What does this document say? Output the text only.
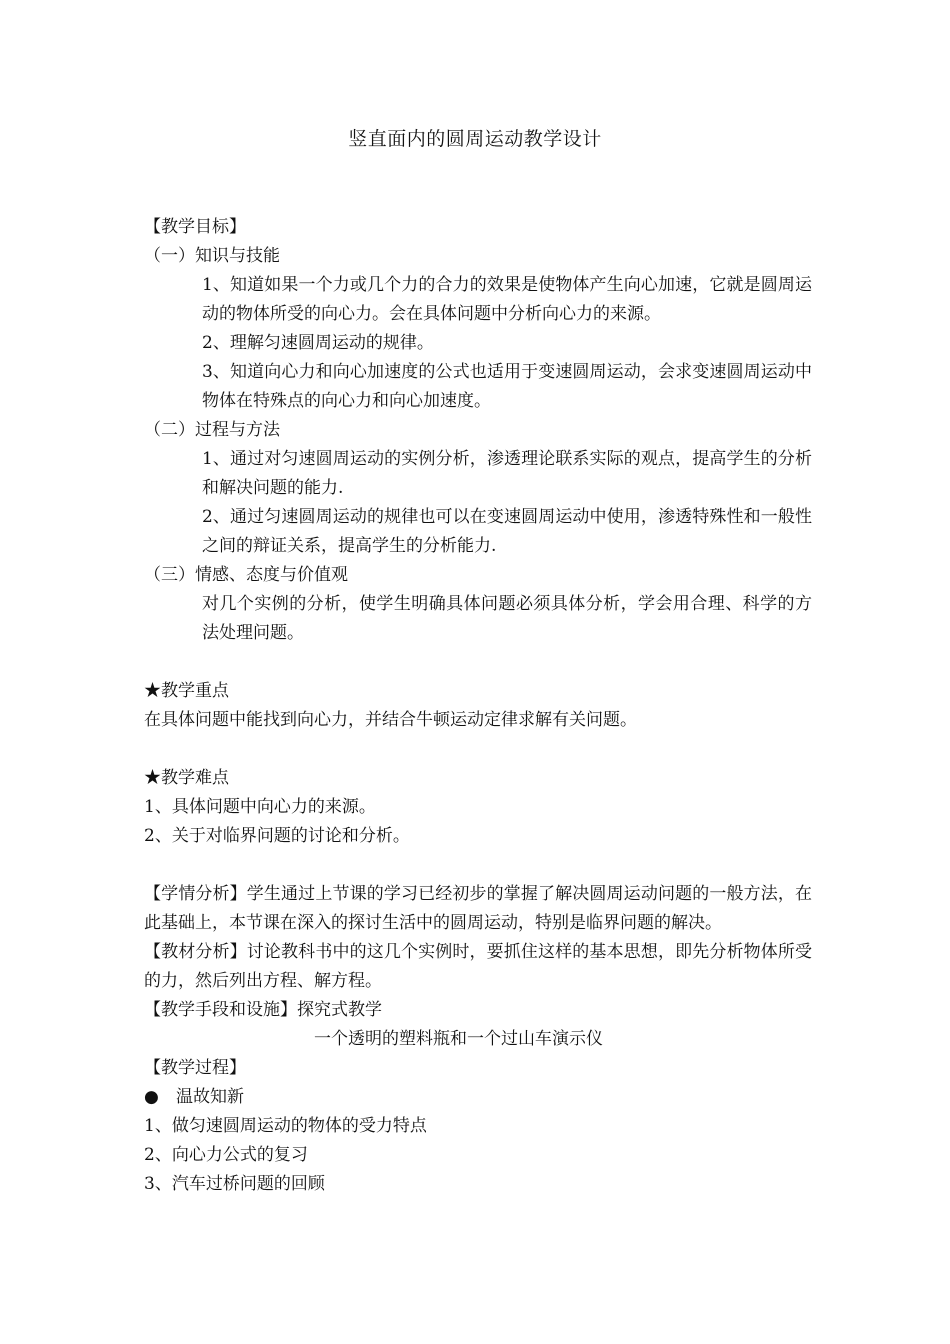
竖直面内的圆周运动教学设计
【教学目标】
（一）知识与技能
1、知道如果一个力或几个力的合力的效果是使物体产生向心加速，它就是圆周运动的物体所受的向心力。会在具体问题中分析向心力的来源。
2、理解匀速圆周运动的规律。
3、知道向心力和向心加速度的公式也适用于变速圆周运动，会求变速圆周运动中物体在特殊点的向心力和向心加速度。
（二）过程与方法
1、通过对匀速圆周运动的实例分析，渗透理论联系实际的观点，提高学生的分析和解决问题的能力.
2、通过匀速圆周运动的规律也可以在变速圆周运动中使用，渗透特殊性和一般性之间的辩证关系，提高学生的分析能力.
（三）情感、态度与价值观
对几个实例的分析，使学生明确具体问题必须具体分析，学会用合理、科学的方法处理问题。
★教学重点
在具体问题中能找到向心力，并结合牛顿运动定律求解有关问题。
★教学难点
1、具体问题中向心力的来源。
2、关于对临界问题的讨论和分析。
【学情分析】学生通过上节课的学习已经初步的掌握了解决圆周运动问题的一般方法，在此基础上，本节课在深入的探讨生活中的圆周运动，特别是临界问题的解决。
【教材分析】讨论教科书中的这几个实例时，要抓住这样的基本思想，即先分析物体所受的力，然后列出方程、解方程。
【教学手段和设施】探究式教学
一个透明的塑料瓶和一个过山车演示仪
【教学过程】
● 温故知新
1、做匀速圆周运动的物体的受力特点
2、向心力公式的复习
3、汽车过桥问题的回顾
